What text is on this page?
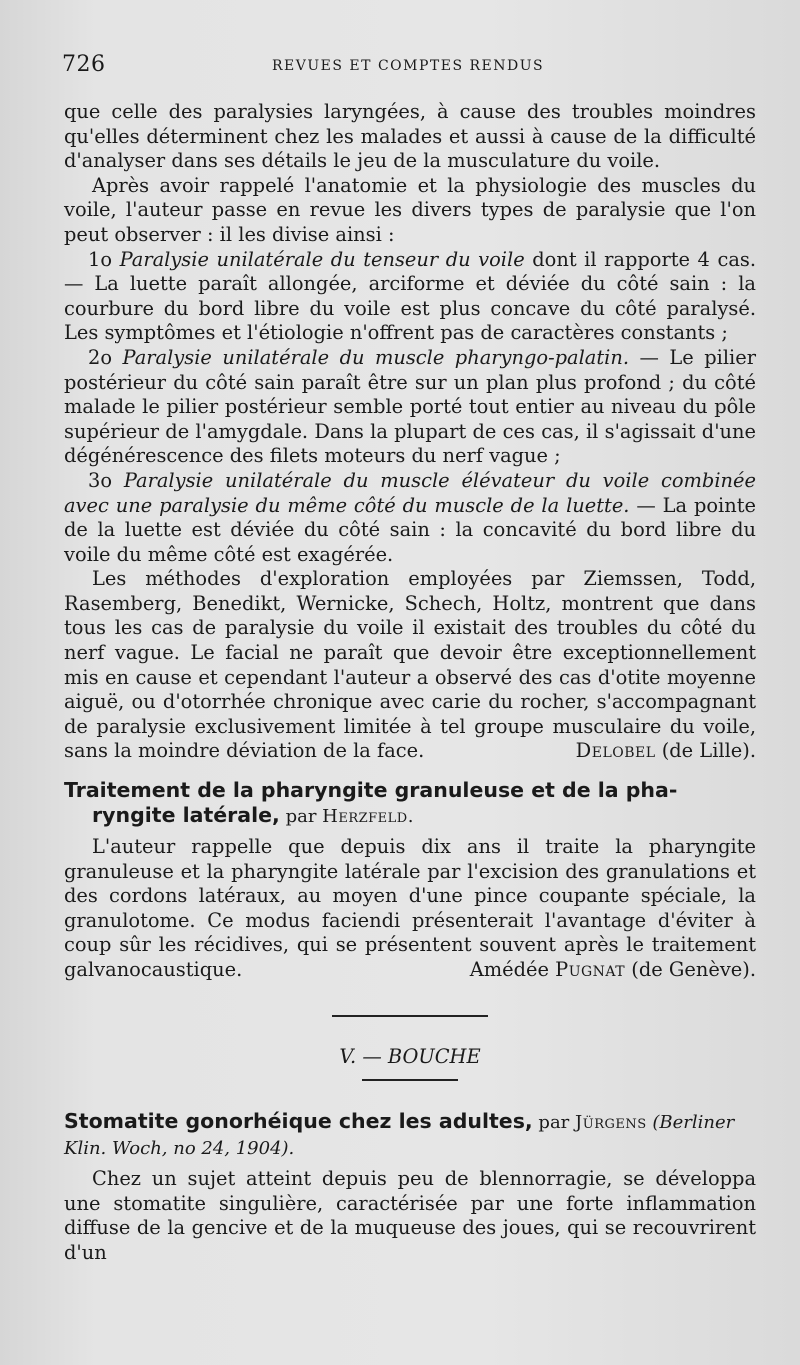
726	REVUES ET COMPTES RENDUS

que celle des paralysies laryngées, à cause des troubles moindres qu'elles déterminent chez les malades et aussi à cause de la difficulté d'analyser dans ses détails le jeu de la musculature du voile.

Après avoir rappelé l'anatomie et la physiologie des muscles du voile, l'auteur passe en revue les divers types de paralysie que l'on peut observer : il les divise ainsi :

1o Paralysie unilatérale du tenseur du voile dont il rapporte 4 cas. — La luette paraît allongée, arciforme et déviée du côté sain : la courbure du bord libre du voile est plus concave du côté paralysé. Les symptômes et l'étiologie n'offrent pas de caractères constants ;

2o Paralysie unilatérale du muscle pharyngo-palatin. — Le pilier postérieur du côté sain paraît être sur un plan plus profond ; du côté malade le pilier postérieur semble porté tout entier au niveau du pôle supérieur de l'amygdale. Dans la plupart de ces cas, il s'agissait d'une dégénérescence des filets moteurs du nerf vague ;

3o Paralysie unilatérale du muscle élévateur du voile combinée avec une paralysie du même côté du muscle de la luette. — La pointe de la luette est déviée du côté sain : la concavité du bord libre du voile du même côté est exagérée.

Les méthodes d'exploration employées par Ziemssen, Todd, Rasemberg, Benedikt, Wernicke, Schech, Holtz, montrent que dans tous les cas de paralysie du voile il existait des troubles du côté du nerf vague. Le facial ne paraît que devoir être exceptionnellement mis en cause et cependant l'auteur a observé des cas d'otite moyenne aiguë, ou d'otorrhée chronique avec carie du rocher, s'accompagnant de paralysie exclusivement limitée à tel groupe musculaire du voile, sans la moindre déviation de la face.	Delobel (de Lille).

Traitement de la pharyngite granuleuse et de la pha-
ryngite latérale, par Herzfeld.

L'auteur rappelle que depuis dix ans il traite la pharyngite granuleuse et la pharyngite latérale par l'excision des granulations et des cordons latéraux, au moyen d'une pince coupante spéciale, la granulotome. Ce modus faciendi présenterait l'avantage d'éviter à coup sûr les récidives, qui se présentent souvent après le traitement galvanocaustique.	Amédée Pugnat (de Genève).

V. — BOUCHE
Stomatite gonorhéique chez les adultes, par Jürgens (Berliner Klin. Woch, no 24, 1904).

Chez un sujet atteint depuis peu de blennorragie, se développa une stomatite singulière, caractérisée par une forte inflammation diffuse de la gencive et de la muqueuse des joues, qui se recouvrirent d'un
